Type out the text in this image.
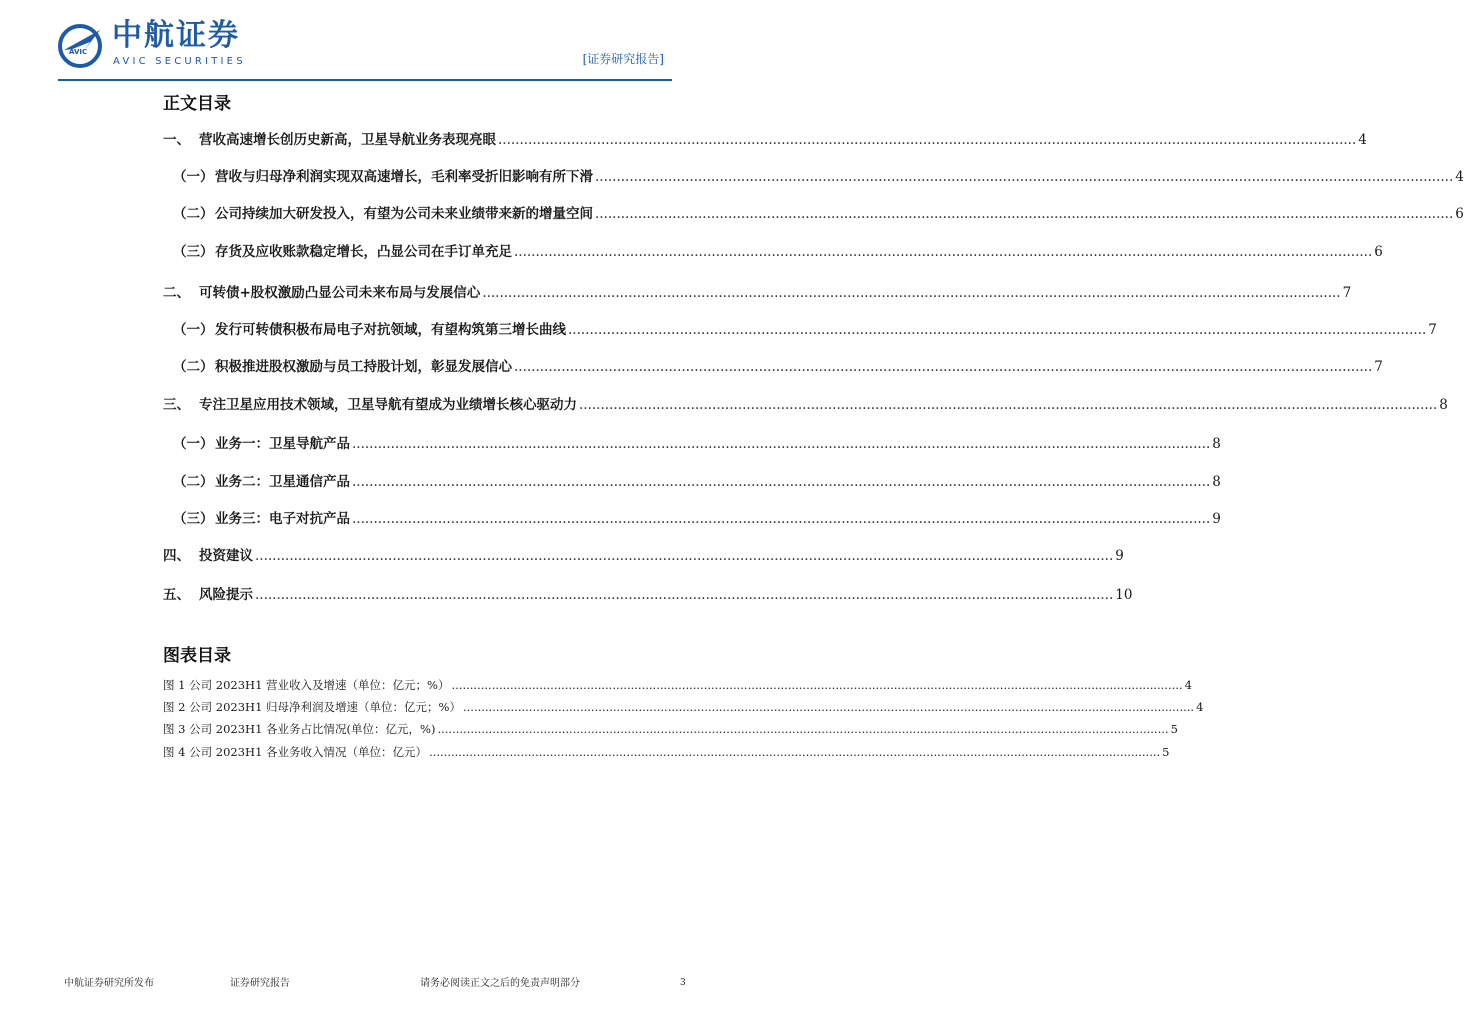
AVIC 中航证券
AVIC SECURITIES	[证券研究报告]
正文目录
一、 营收高速增长创历史新高，卫星导航业务表现亮眼 ........................................................................................................................................................................................................ 4
（一） 营收与归母净利润实现双高速增长，毛利率受折旧影响有所下滑 ........................................................................................................................................................................................................ 4
（二） 公司持续加大研发投入，有望为公司未来业绩带来新的增量空间 ........................................................................................................................................................................................................ 6
（三） 存货及应收账款稳定增长，凸显公司在手订单充足 ........................................................................................................................................................................................................ 6
二、 可转债+股权激励凸显公司未来布局与发展信心 ........................................................................................................................................................................................................ 7
（一） 发行可转债积极布局电子对抗领域，有望构筑第三增长曲线 ........................................................................................................................................................................................................ 7
（二） 积极推进股权激励与员工持股计划，彰显发展信心 ........................................................................................................................................................................................................ 7
三、 专注卫星应用技术领域，卫星导航有望成为业绩增长核心驱动力 ........................................................................................................................................................................................................ 8
（一） 业务一：卫星导航产品 ........................................................................................................................................................................................................ 8
（二） 业务二：卫星通信产品 ........................................................................................................................................................................................................ 8
（三） 业务三：电子对抗产品 ........................................................................................................................................................................................................ 9
四、 投资建议 ........................................................................................................................................................................................................ 9
五、 风险提示 ........................................................................................................................................................................................................ 10
图表目录
图 1 公司 2023H1 营业收入及增速（单位：亿元；%） ........................................................................................................................................................................................................ 4
图 2 公司 2023H1 归母净利润及增速（单位：亿元；%） ........................................................................................................................................................................................................ 4
图 3 公司 2023H1 各业务占比情况(单位：亿元，%) ........................................................................................................................................................................................................ 5
图 4 公司 2023H1 各业务收入情况（单位：亿元） ........................................................................................................................................................................................................ 5
中航证券研究所发布	证券研究报告	请务必阅读正文之后的免责声明部分	3
